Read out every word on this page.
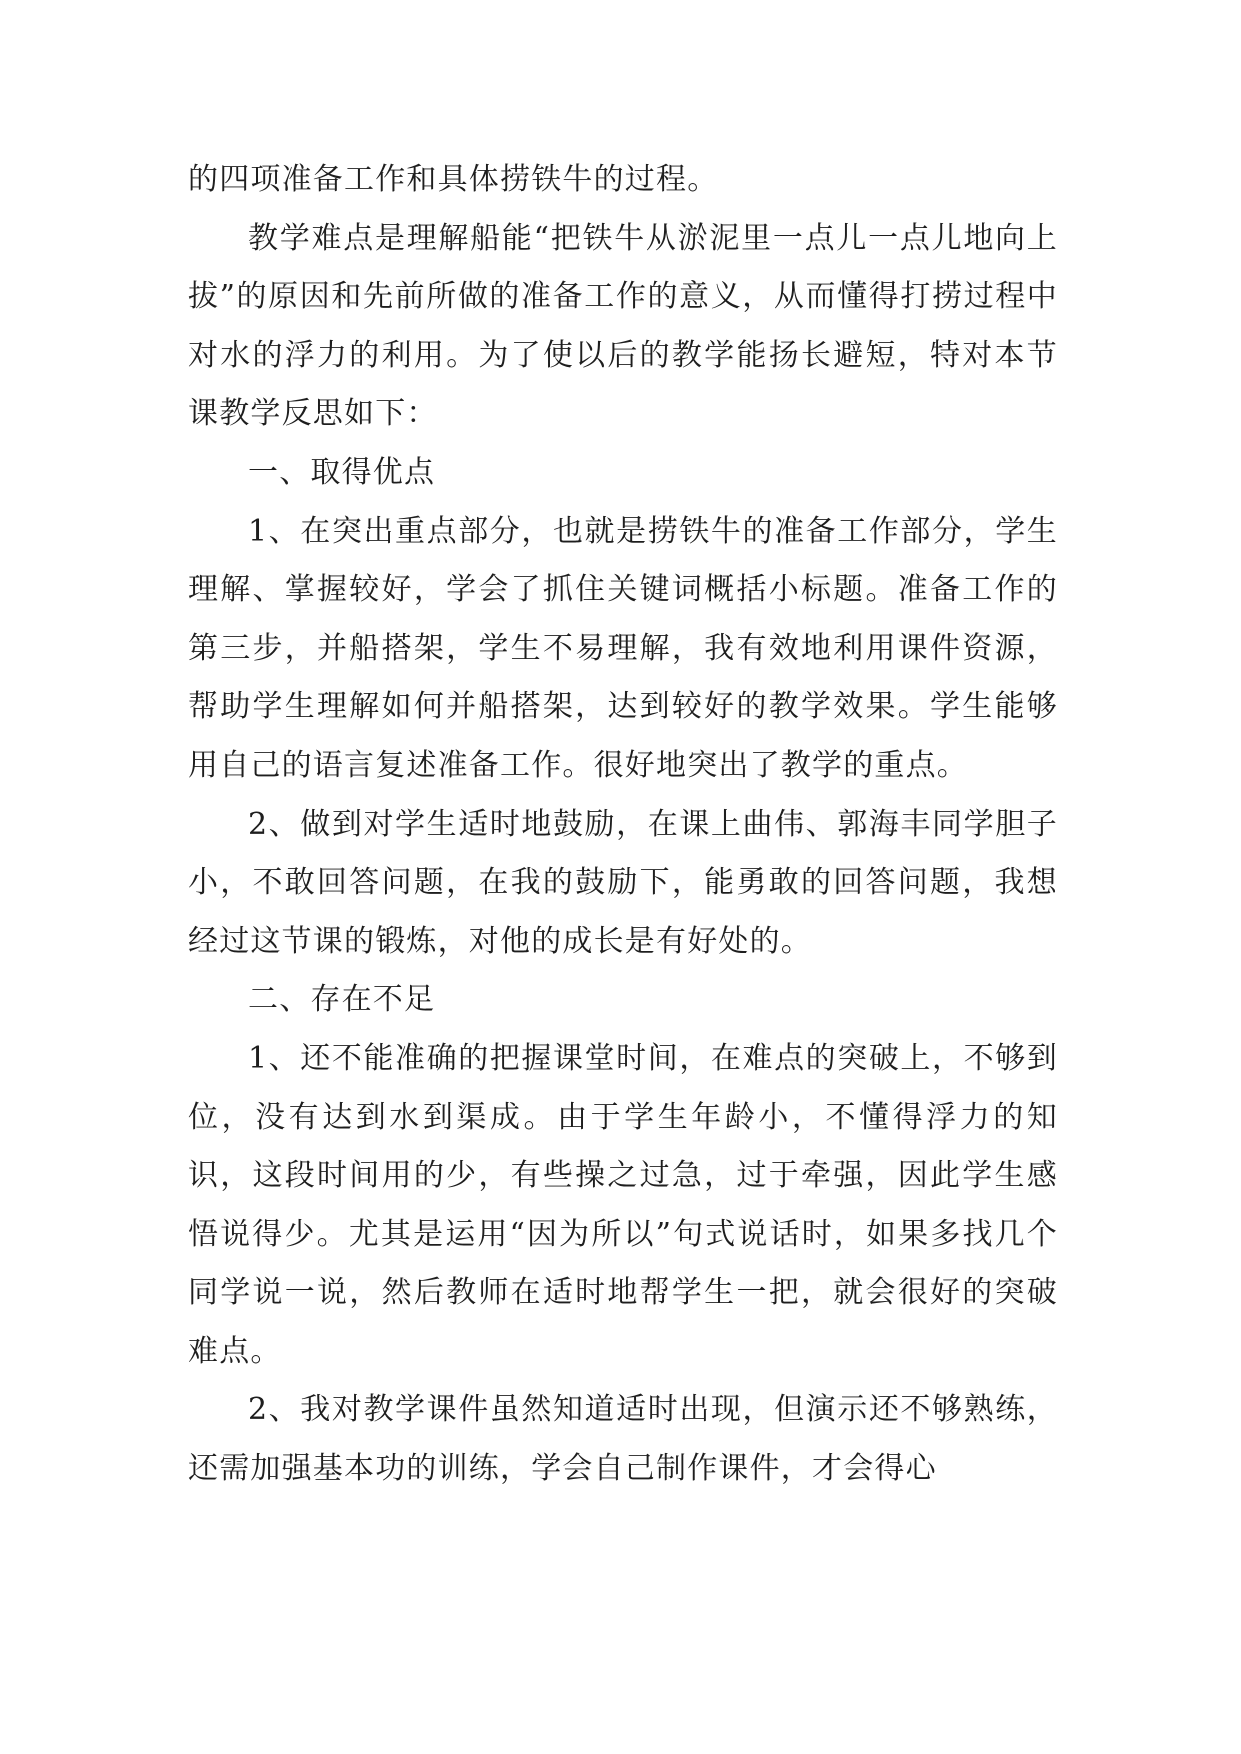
的四项准备工作和具体捞铁牛的过程。

教学难点是理解船能“把铁牛从淤泥里一点儿一点儿地向上拔”的原因和先前所做的准备工作的意义，从而懂得打捞过程中对水的浮力的利用。为了使以后的教学能扬长避短，特对本节课教学反思如下：

一、取得优点

1、在突出重点部分，也就是捞铁牛的准备工作部分，学生理解、掌握较好，学会了抓住关键词概括小标题。准备工作的第三步，并船搭架，学生不易理解，我有效地利用课件资源，帮助学生理解如何并船搭架，达到较好的教学效果。学生能够用自己的语言复述准备工作。很好地突出了教学的重点。

2、做到对学生适时地鼓励，在课上曲伟、郭海丰同学胆子小，不敢回答问题，在我的鼓励下，能勇敢的回答问题，我想经过这节课的锻炼，对他的成长是有好处的。

二、存在不足

1、还不能准确的把握课堂时间，在难点的突破上，不够到位，没有达到水到渠成。由于学生年龄小，不懂得浮力的知识，这段时间用的少，有些操之过急，过于牵强，因此学生感悟说得少。尤其是运用“因为所以”句式说话时，如果多找几个同学说一说，然后教师在适时地帮学生一把，就会很好的突破难点。

2、我对教学课件虽然知道适时出现，但演示还不够熟练，还需加强基本功的训练，学会自己制作课件，才会得心
